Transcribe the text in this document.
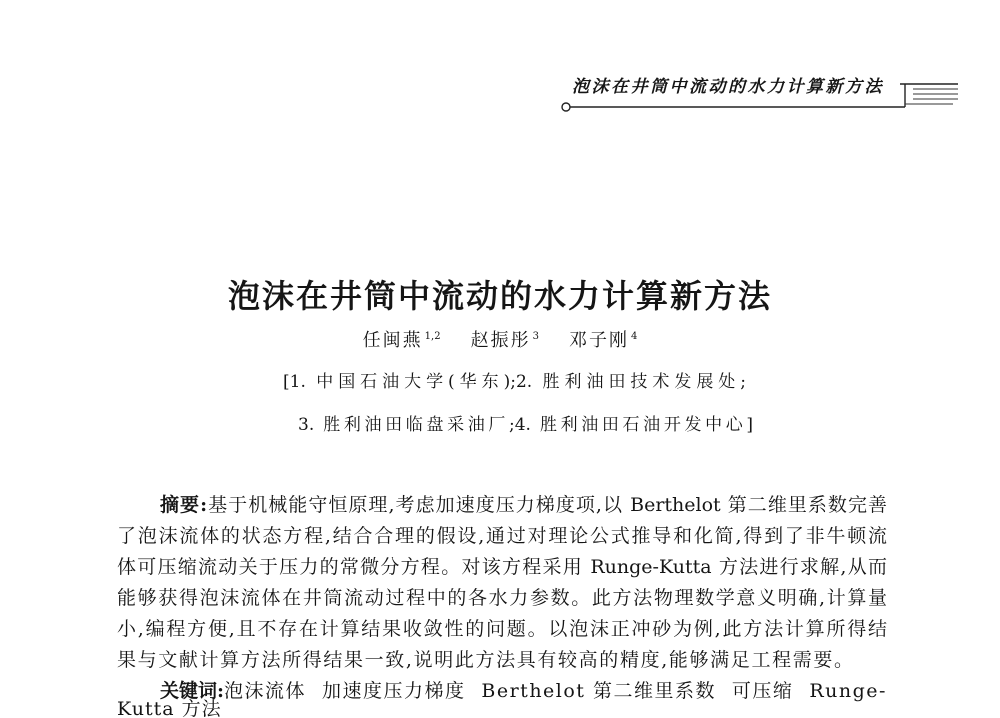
泡沫在井筒中流动的水力计算新方法
泡沫在井筒中流动的水力计算新方法
任闽燕 $^{1,2}$ 赵振彤 $^3$ 邓子刚 $^4$
[1. 中国石油大学(华东);2. 胜利油田技术发展处;
3. 胜利油田临盘采油厂;4. 胜利油田石油开发中心]
摘要:基于机械能守恒原理,考虑加速度压力梯度项,以 Berthelot 第二维里系数完善
了泡沫流体的状态方程,结合合理的假设,通过对理论公式推导和化简,得到了非牛顿流
体可压缩流动关于压力的常微分方程。对该方程采用 Runge-Kutta 方法进行求解,从而
能够获得泡沫流体在井筒流动过程中的各水力参数。此方法物理数学意义明确,计算量
小,编程方便,且不存在计算结果收敛性的问题。以泡沫正冲砂为例,此方法计算所得结
果与文献计算方法所得结果一致,说明此方法具有较高的精度,能够满足工程需要。
关键词:泡沫流体 加速度压力梯度 Berthelot 第二维里系数 可压缩 Runge-
Kutta 方法
